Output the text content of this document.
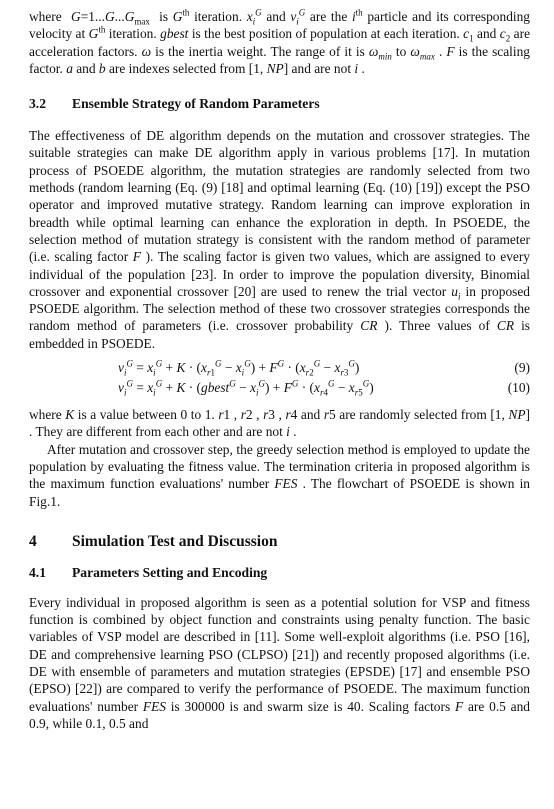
where  $G=1...G...G_{max}$  is $G^{th}$ iteration. $x_i^G$ and $v_i^G$ are the $i^{th}$ particle and its corresponding velocity at $G^{th}$ iteration. gbest is the best position of population at each iteration. $c_1$ and $c_2$ are acceleration factors. ω is the inertia weight. The range of it is $\omega_{min}$ to $\omega_{max}$ . F is the scaling factor. a and b are indexes selected from [1, NP] and are not i .

3.2	Ensemble Strategy of Random Parameters

The effectiveness of DE algorithm depends on the mutation and crossover strategies. The suitable strategies can make DE algorithm apply in various problems [17]. In mutation process of PSOEDE algorithm, the mutation strategies are randomly selected from two methods (random learning (Eq. (9) [18] and optimal learning (Eq. (10) [19]) except the PSO operator and improved mutative strategy. Random learning can improve exploration in breadth while optimal learning can enhance the exploration in depth. In PSOEDE, the selection method of mutation strategy is consistent with the random method of parameter (i.e. scaling factor F ). The scaling factor is given two values, which are assigned to every individual of the population [23]. In order to improve the population diversity, Binomial crossover and exponential crossover [20] are used to renew the trial vector $u_i$ in proposed PSOEDE algorithm. The selection method of these two crossover strategies corresponds the random method of parameters (i.e. crossover probability CR ). Three values of CR is embedded in PSOEDE.

$v_i^G = x_i^G + K \cdot (x_{r1}^G - x_i^G) + F^G \cdot (x_{r2}^G - x_{r3}^G)$	(9)
$v_i^G = x_i^G + K$ · (gbest$^G$ − $x_i^G) + F^G \cdot (x_{r4}^G - x_{r5}^G)$	(10)

where K is a value between 0 to 1. r1 , r2 , r3 , r4 and r5 are randomly selected from [1, NP] . They are different from each other and are not i .

After mutation and crossover step, the greedy selection method is employed to update the population by evaluating the fitness value. The termination criteria in proposed algorithm is the maximum function evaluations' number FES . The flowchart of PSOEDE is shown in Fig.1.

4	Simulation Test and Discussion
4.1	Parameters Setting and Encoding

Every individual in proposed algorithm is seen as a potential solution for VSP and fitness function is combined by object function and constraints using penalty function. The basic variables of VSP model are described in [11]. Some well-exploit algorithms (i.e. PSO [16], DE and comprehensive learning PSO (CLPSO) [21]) and recently proposed algorithms (i.e. DE with ensemble of parameters and mutation strategies (EPSDE) [17] and ensemble PSO (EPSO) [22]) are compared to verify the performance of PSOEDE. The maximum function evaluations' number FES is 300000 is and swarm size is 40. Scaling factors F are 0.5 and 0.9, while 0.1, 0.5 and
